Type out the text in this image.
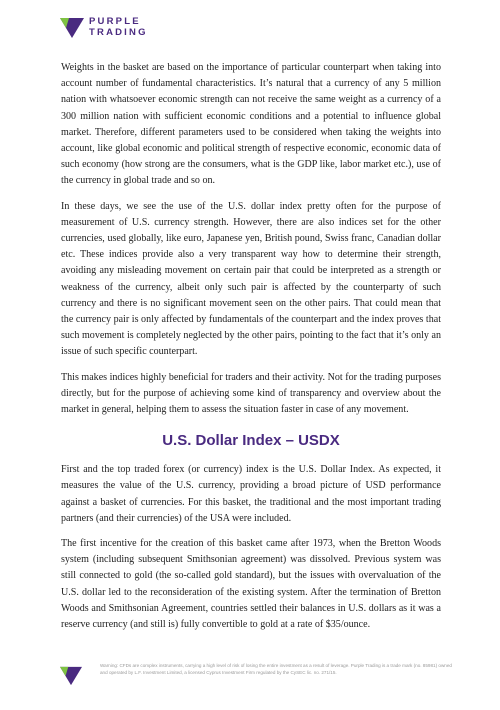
PURPLE
TRADING

Weights in the basket are based on the importance of particular counterpart when taking into account number of fundamental characteristics. It’s natural that a currency of any 5 million nation with whatsoever economic strength can not receive the same weight as a currency of a 300 million nation with sufficient economic conditions and a potential to influence global market. Therefore, different parameters used to be considered when taking the weights into account, like global economic and political strength of respective economic, economic data of such economy (how strong are the consumers, what is the GDP like, labor market etc.), use of the currency in global trade and so on.

In these days, we see the use of the U.S. dollar index pretty often for the purpose of measurement of U.S. currency strength. However, there are also indices set for the other currencies, used globally, like euro, Japanese yen, British pound, Swiss franc, Canadian dollar etc. These indices provide also a very transparent way how to determine their strength, avoiding any misleading movement on certain pair that could be interpreted as a strength or weakness of the currency, albeit only such pair is affected by the counterparty of such currency and there is no significant movement seen on the other pairs. That could mean that the currency pair is only affected by fundamentals of the counterpart and the index proves that such movement is completely neglected by the other pairs, pointing to the fact that it’s only an issue of such specific counterpart.

This makes indices highly beneficial for traders and their activity. Not for the trading purposes directly, but for the purpose of achieving some kind of transparency and overview about the market in general, helping them to assess the situation faster in case of any movement.

U.S. Dollar Index – USDX

First and the top traded forex (or currency) index is the U.S. Dollar Index. As expected, it measures the value of the U.S. currency, providing a broad picture of USD performance against a basket of currencies. For this basket, the traditional and the most important trading partners (and their currencies) of the USA were included.

The first incentive for the creation of this basket came after 1973, when the Bretton Woods system (including subsequent Smithsonian agreement) was dissolved. Previous system was still connected to gold (the so-called gold standard), but the issues with overvaluation of the U.S. dollar led to the reconsideration of the existing system. After the termination of Bretton Woods and Smithsonian Agreement, countries settled their balances in U.S. dollars as it was a reserve currency (and still is) fully convertible to gold at a rate of $35/ounce.

Warning: CFDs are complex instruments, carrying a high level of risk of losing the entire investment as a result of leverage. Purple Trading is a trade mark (no. 85981) owned and operated by L.F. Investment Limited, a licensed Cyprus Investment Firm regulated by the CySEC lic. no. 271/15.
